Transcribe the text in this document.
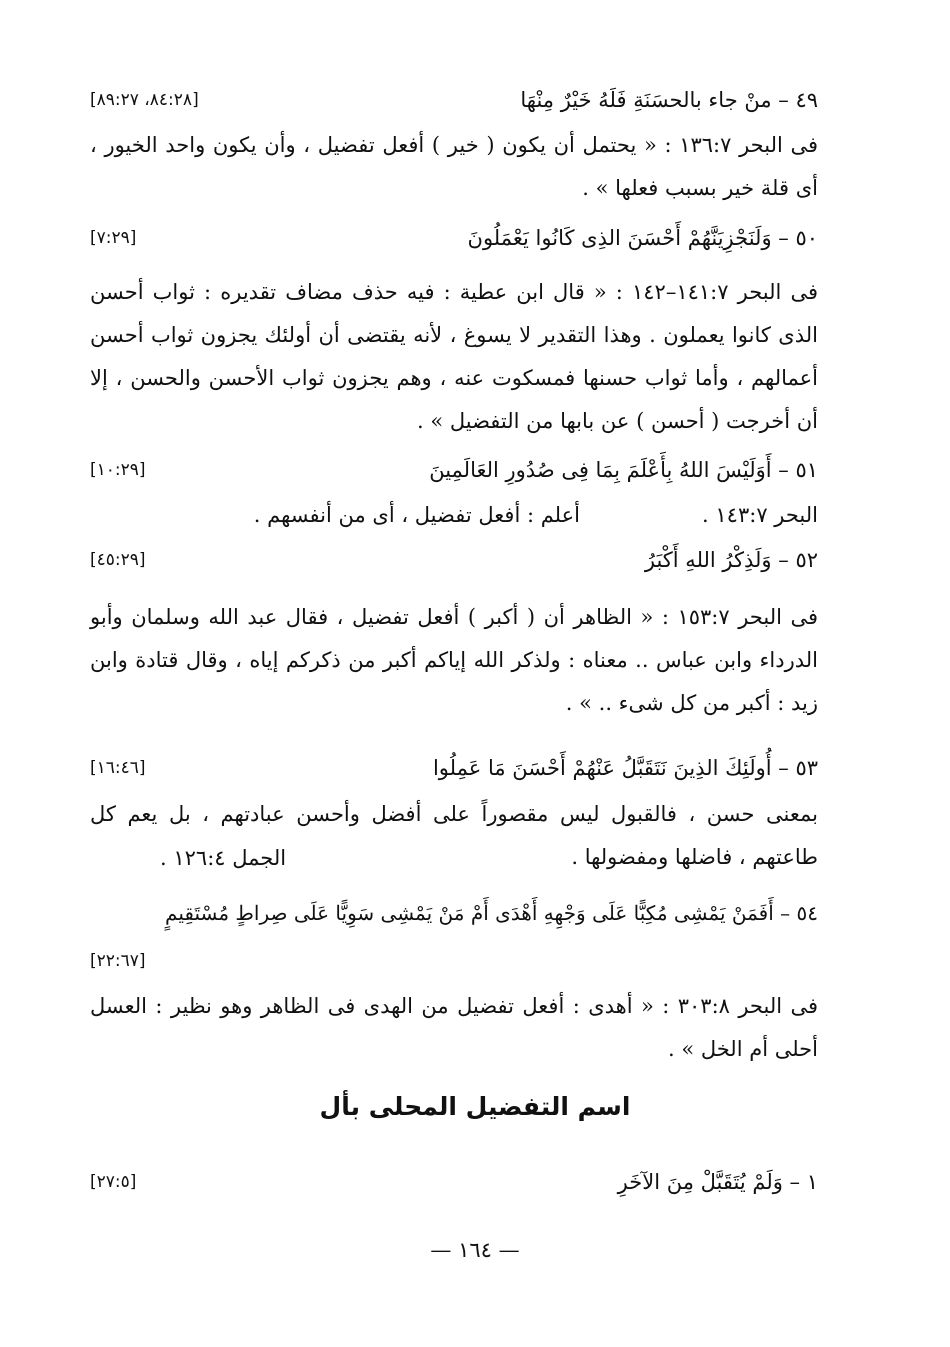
[٨٤:٢٨، ٨٩:٢٧]	٤٩ – منْ جاء بالحسَنَةِ فَلَهُ خَيْرٌ مِنْهَا
فى البحر ١٣٦:٧ : « يحتمل أن يكون ( خير ) أفعل تفضيل ، وأن يكون واحد الخيور ، أى قلة خير بسبب فعلها » .
[٧:٢٩]	٥٠ – وَلَنَجْزِيَنَّهُمْ أَحْسَنَ الذِى كَانُوا يَعْمَلُونَ
فى البحر ١٤١:٧–١٤٢ : « قال ابن عطية : فيه حذف مضاف تقديره : ثواب أحسن الذى كانوا يعملون . وهذا التقدير لا يسوغ ، لأنه يقتضى أن أولئك يجزون ثواب أحسن أعمالهم ، وأما ثواب حسنها فمسكوت عنه ، وهم يجزون ثواب الأحسن والحسن ، إلا أن أخرجت ( أحسن ) عن بابها من التفضيل » .
[١٠:٢٩]	٥١ – أَوَلَيْسَ اللهُ بِأَعْلَمَ بِمَا فِى صُدُورِ العَالَمِينَ
أعلم : أفعل تفضيل ، أى من أنفسهم .	البحر ١٤٣:٧ .
[٤٥:٢٩]	٥٢ – وَلَذِكْرُ اللهِ أَكْبَرُ
فى البحر ١٥٣:٧ : « الظاهر أن ( أكبر ) أفعل تفضيل ، فقال عبد الله وسلمان وأبو الدرداء وابن عباس .. معناه : ولذكر الله إياكم أكبر من ذكركم إياه ، وقال قتادة وابن زيد : أكبر من كل شىء .. » .
[١٦:٤٦]	٥٣ – أُولَئِكَ الذِينَ نَتَقَبَّلُ عَنْهُمْ أَحْسَنَ مَا عَمِلُوا
بمعنى حسن ، فالقبول ليس مقصوراً على أفضل وأحسن عبادتهم ، بل يعم كل طاعتهم ، فاضلها ومفضولها .
الجمل ١٢٦:٤ .
٥٤ – أَفَمَنْ يَمْشِى مُكِبًّا عَلَى وَجْهِهِ أَهْدَى أَمْ مَنْ يَمْشِى سَوِيًّا عَلَى صِراطٍ مُسْتَقِيمٍ
[٢٢:٦٧]
فى البحر ٣٠٣:٨ : « أهدى : أفعل تفضيل من الهدى فى الظاهر وهو نظير : العسل أحلى أم الخل » .
اسم التفضيل المحلى بأل
[٢٧:٥]	١ – وَلَمْ يُتَقَبَّلْ مِنَ الآخَرِ
— ١٦٤ —
